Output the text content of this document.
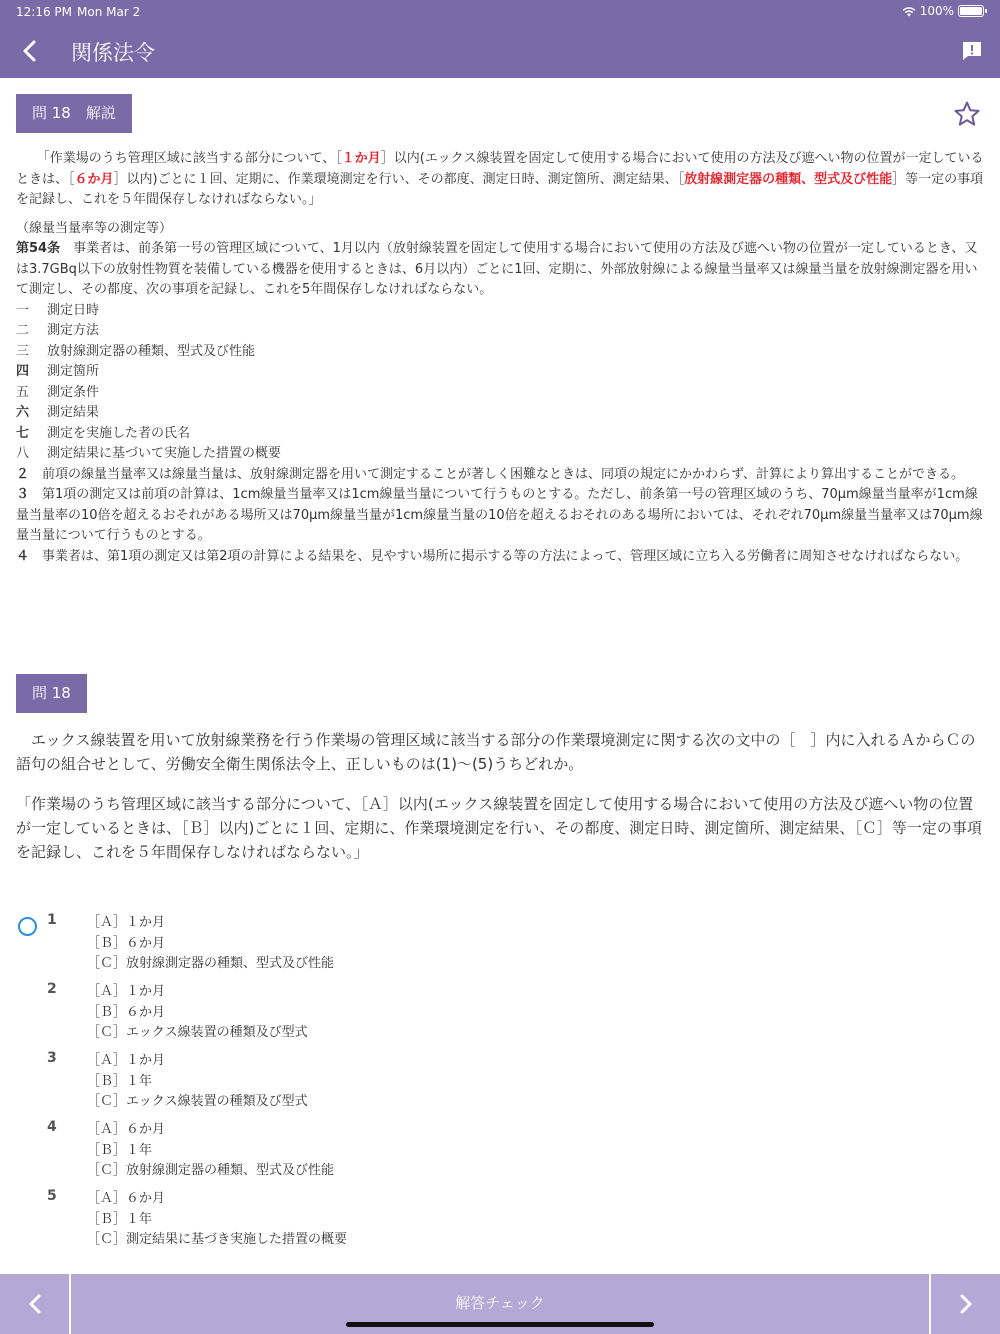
12:16 PM Mon Mar 2	100%
関係法令
問 18　解説

「作業場のうち管理区域に該当する部分について、［１か月］以内(エックス線装置を固定して使用する場合において使用の方法及び遮へい物の位置が一定しているときは、［６か月］以内)ごとに１回、定期に、作業環境測定を行い、その都度、測定日時、測定箇所、測定結果、［放射線測定器の種類、型式及び性能］等一定の事項を記録し、これを５年間保存しなければならない。」

（線量当量率等の測定等）

第54条　事業者は、前条第一号の管理区域について、1月以内（放射線装置を固定して使用する場合において使用の方法及び遮へい物の位置が一定しているとき、又は3.7GBq以下の放射性物質を装備している機器を使用するときは、6月以内）ごとに1回、定期に、外部放射線による線量当量率又は線量当量を放射線測定器を用いて測定し、その都度、次の事項を記録し、これを5年間保存しなければならない。

一	測定日時
二	測定方法
三	放射線測定器の種類、型式及び性能
四	測定箇所
五	測定条件
六	測定結果
七	測定を実施した者の氏名
八	測定結果に基づいて実施した措置の概要

２　前項の線量当量率又は線量当量は、放射線測定器を用いて測定することが著しく困難なときは、同項の規定にかかわらず、計算により算出することができる。

３　第1項の測定又は前項の計算は、1cm線量当量率又は1cm線量当量について行うものとする。ただし、前条第一号の管理区域のうち、70μm線量当量率が1cm線量当量率の10倍を超えるおそれがある場所又は70μm線量当量が1cm線量当量の10倍を超えるおそれのある場所においては、それぞれ70μm線量当量率又は70μm線量当量について行うものとする。

４　事業者は、第1項の測定又は第2項の計算による結果を、見やすい場所に掲示する等の方法によって、管理区域に立ち入る労働者に周知させなければならない。

問 18

エックス線装置を用いて放射線業務を行う作業場の管理区域に該当する部分の作業環境測定に関する次の文中の［　］内に入れるＡからＣの語句の組合せとして、労働安全衛生関係法令上、正しいものは(1)～(5)うちどれか。

「作業場のうち管理区域に該当する部分について、［Ａ］以内(エックス線装置を固定して使用する場合において使用の方法及び遮へい物の位置が一定しているときは、［Ｂ］以内)ごとに１回、定期に、作業環境測定を行い、その都度、測定日時、測定箇所、測定結果、［Ｃ］等一定の事項を記録し、これを５年間保存しなければならない。」

1 ［Ａ］１か月
［Ｂ］６か月
［Ｃ］放射線測定器の種類、型式及び性能
2 ［Ａ］１か月
［Ｂ］６か月
［Ｃ］エックス線装置の種類及び型式
3 ［Ａ］１か月
［Ｂ］１年
［Ｃ］エックス線装置の種類及び型式
4 ［Ａ］６か月
［Ｂ］１年
［Ｃ］放射線測定器の種類、型式及び性能
5 ［Ａ］６か月
［Ｂ］１年
［Ｃ］測定結果に基づき実施した措置の概要
解答チェック
